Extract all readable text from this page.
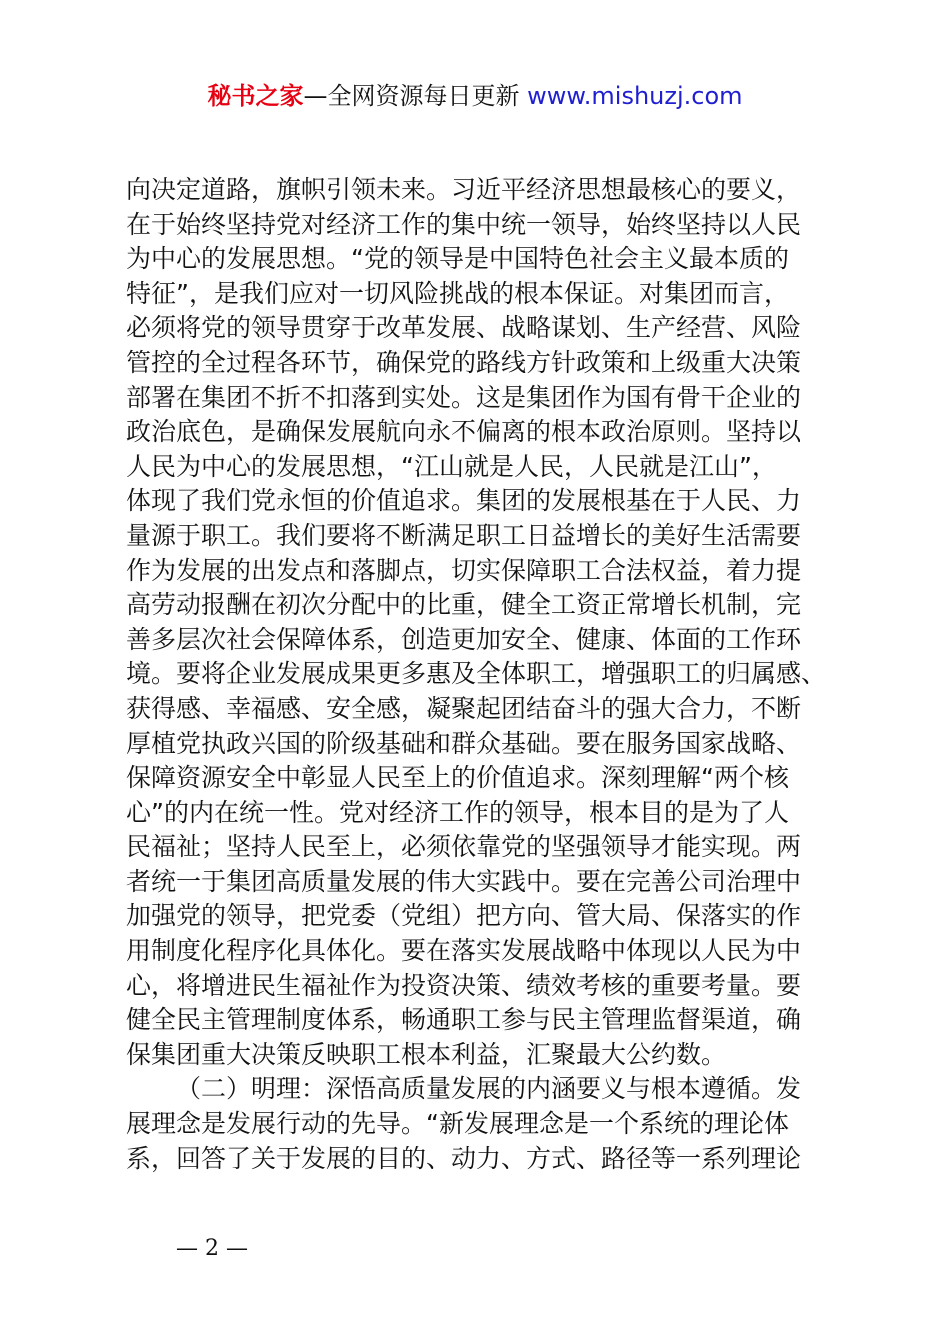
秘书之家—全网资源每日更新 www.mishuzj.com
向决定道路，旗帜引领未来。习近平经济思想最核心的要义，
在于始终坚持党对经济工作的集中统一领导，始终坚持以人民
为中心的发展思想。“党的领导是中国特色社会主义最本质的
特征”，是我们应对一切风险挑战的根本保证。对集团而言，
必须将党的领导贯穿于改革发展、战略谋划、生产经营、风险
管控的全过程各环节，确保党的路线方针政策和上级重大决策
部署在集团不折不扣落到实处。这是集团作为国有骨干企业的
政治底色，是确保发展航向永不偏离的根本政治原则。坚持以
人民为中心的发展思想，“江山就是人民，人民就是江山”，
体现了我们党永恒的价值追求。集团的发展根基在于人民、力
量源于职工。我们要将不断满足职工日益增长的美好生活需要
作为发展的出发点和落脚点，切实保障职工合法权益，着力提
高劳动报酬在初次分配中的比重，健全工资正常增长机制，完
善多层次社会保障体系，创造更加安全、健康、体面的工作环
境。要将企业发展成果更多惠及全体职工，增强职工的归属感、
获得感、幸福感、安全感，凝聚起团结奋斗的强大合力，不断
厚植党执政兴国的阶级基础和群众基础。要在服务国家战略、
保障资源安全中彰显人民至上的价值追求。深刻理解“两个核
心”的内在统一性。党对经济工作的领导，根本目的是为了人
民福祉；坚持人民至上，必须依靠党的坚强领导才能实现。两
者统一于集团高质量发展的伟大实践中。要在完善公司治理中
加强党的领导，把党委（党组）把方向、管大局、保落实的作
用制度化程序化具体化。要在落实发展战略中体现以人民为中
心，将增进民生福祉作为投资决策、绩效考核的重要考量。要
健全民主管理制度体系，畅通职工参与民主管理监督渠道，确
保集团重大决策反映职工根本利益，汇聚最大公约数。
（二）明理：深悟高质量发展的内涵要义与根本遵循。发
展理念是发展行动的先导。“新发展理念是一个系统的理论体
系，回答了关于发展的目的、动力、方式、路径等一系列理论
— 2 —
